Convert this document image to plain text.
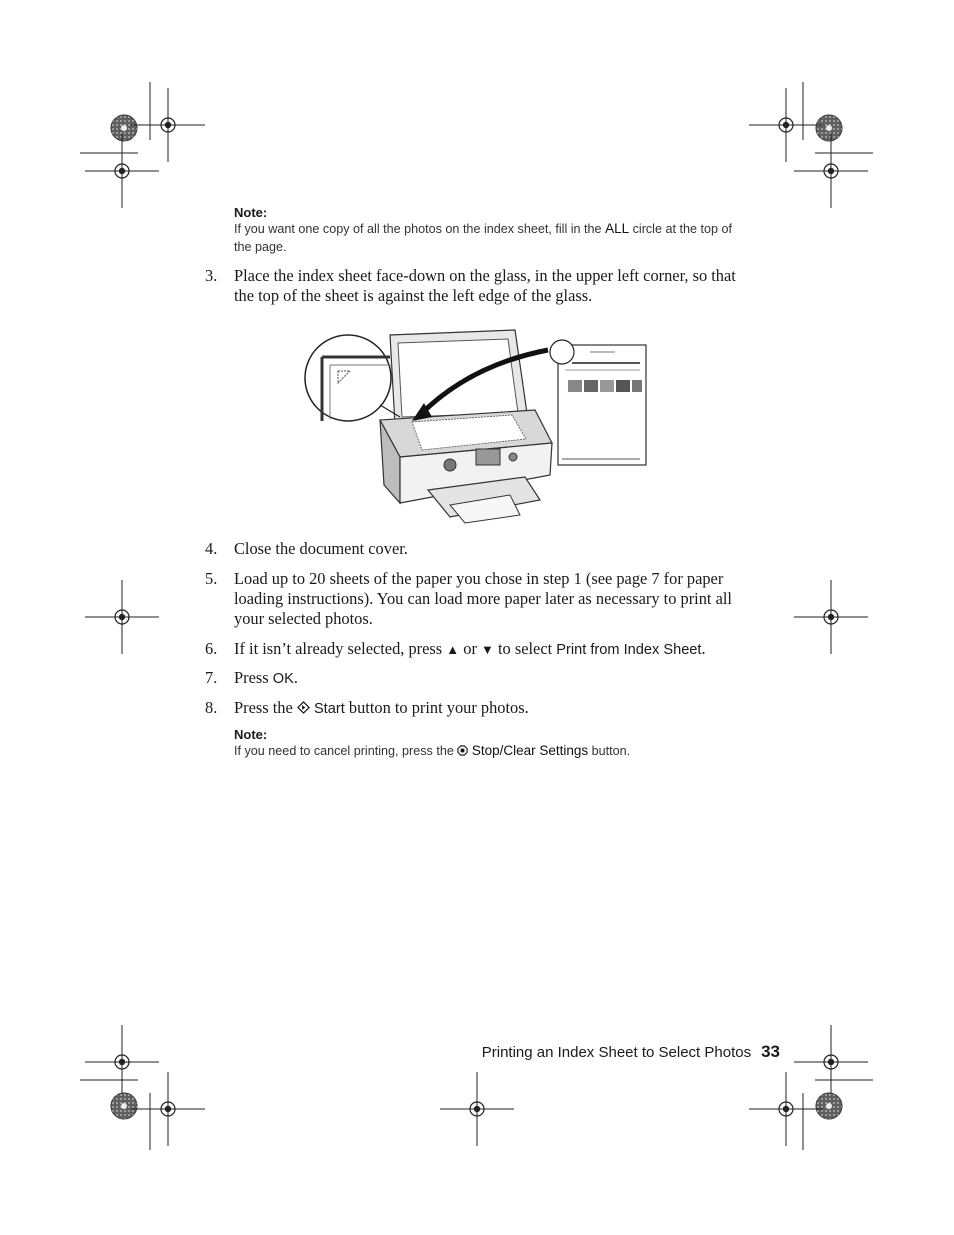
Note:
If you want one copy of all the photos on the index sheet, fill in the ALL circle at the top of the page.
3.	Place the index sheet face-down on the glass, in the upper left corner, so that the top of the sheet is against the left edge of the glass.
4.	Close the document cover.
5.	Load up to 20 sheets of the paper you chose in step 1 (see page 7 for paper loading instructions). You can load more paper later as necessary to print all your selected photos.
6.	If it isn’t already selected, press ▲ or ▼ to select Print from Index Sheet.
7.	Press OK.
8.	Press the Start button to print your photos.
Note:
If you need to cancel printing, press the Stop/Clear Settings button.
Printing an Index Sheet to Select Photos 33
